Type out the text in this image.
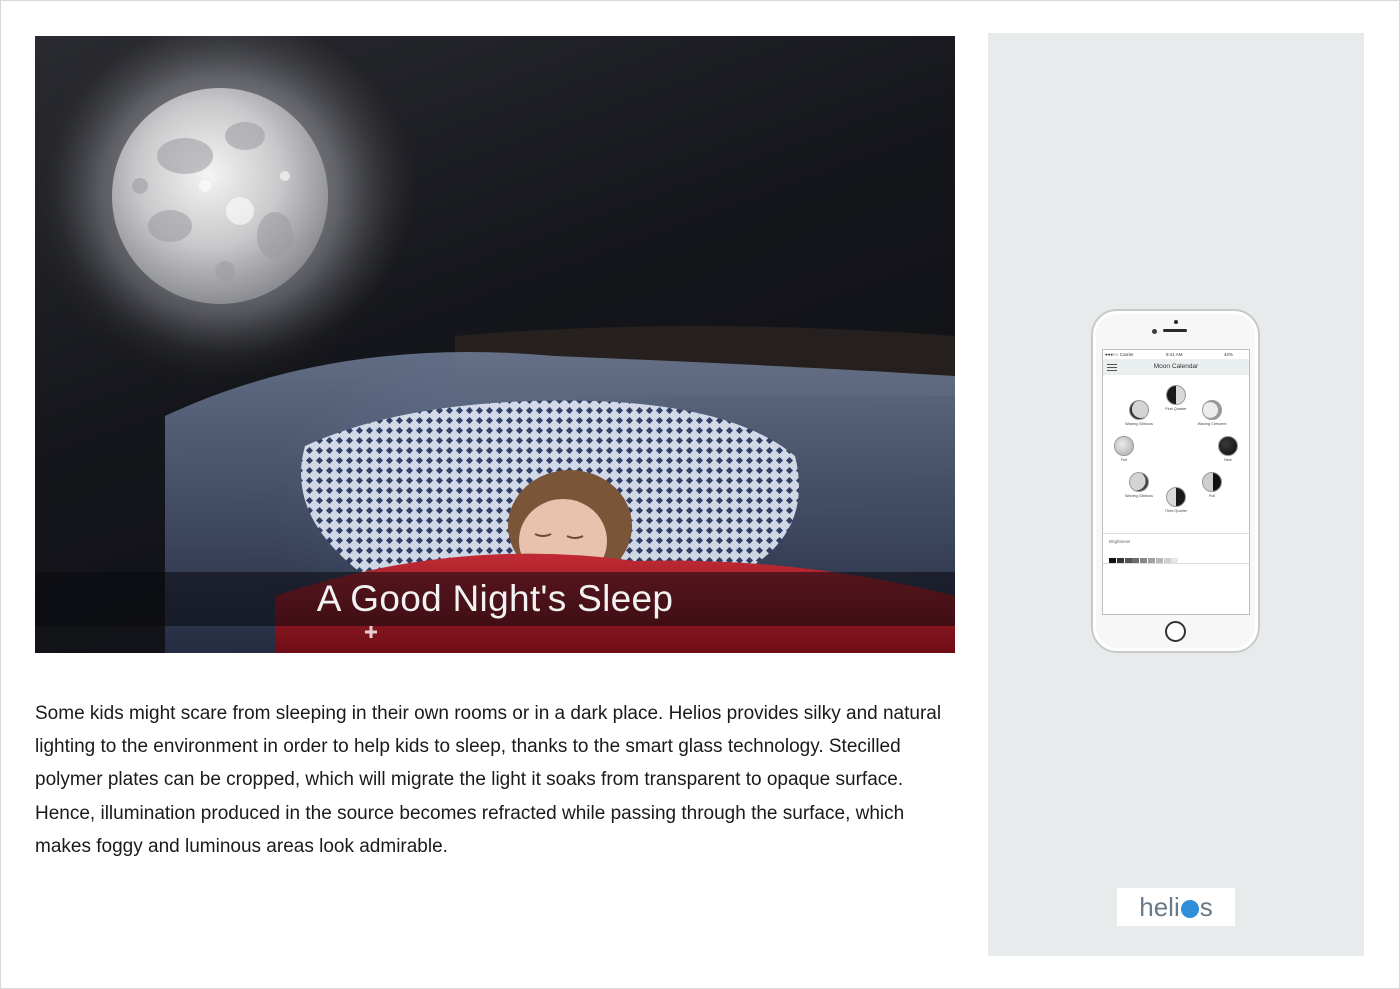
A Good Night's Sleep
Some kids might scare from sleeping in their own rooms or in a dark place. Helios provides silky and natural lighting to the environment in order to help kids to sleep, thanks to the smart glass technology. Stecilled polymer plates can be cropped, which will migrate the light it soaks from transparent to opaque surface. Hence, illumination produced in the source becomes refracted while passing through the surface, which makes foggy and luminous areas look admirable.
●●●○○ Carrier	9:41 AM	42%
Moon Calendar
First Quarter
Waxing Crescent
New
Full
Third Quarter
Waning Gibbous
Full
Waxing Gibbous
Brightness
heli s
